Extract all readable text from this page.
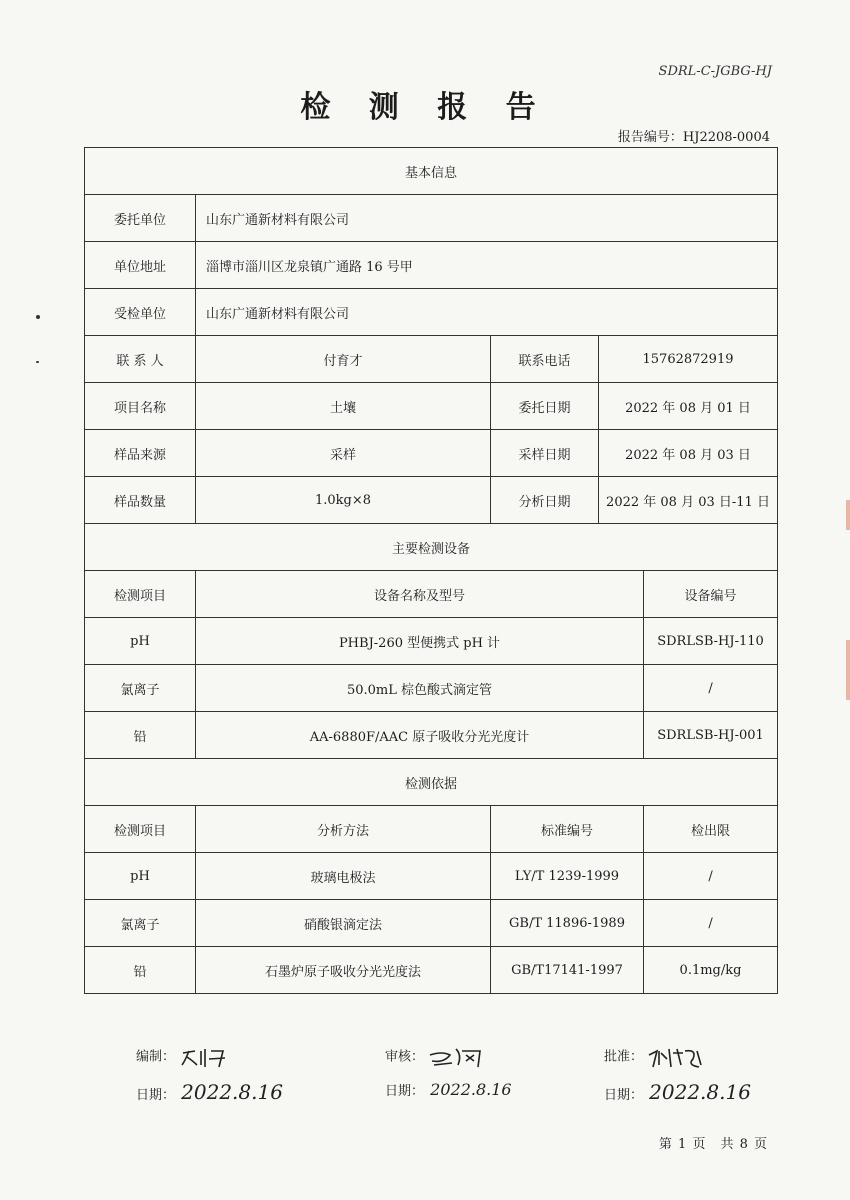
SDRL-C-JGBG-HJ
检 测 报 告
报告编号：HJ2208-0004
基本信息				
委托单位	山东广通新材料有限公司			
单位地址	淄博市淄川区龙泉镇广通路 16 号甲			
受检单位	山东广通新材料有限公司			
联 系 人	付育才	联系电话	15762872919	
项目名称	土壤	委托日期	2022 年 08 月 01 日	
样品来源	采样	采样日期	2022 年 08 月 03 日	
样品数量	1.0kg×8	分析日期	2022 年 08 月 03 日-11 日	
主要检测设备				
检测项目	设备名称及型号			设备编号
pH	PHBJ-260 型便携式 pH 计			SDRLSB-HJ-110
氯离子	50.0mL 棕色酸式滴定管			/
铅	AA-6880F/AAC 原子吸收分光光度计			SDRLSB-HJ-001
检测依据				
检测项目	分析方法	标准编号		检出限
pH	玻璃电极法	LY/T 1239-1999		/
氯离子	硝酸银滴定法	GB/T 11896-1989		/
铅	石墨炉原子吸收分光光度法	GB/T17141-1997		0.1mg/kg
编制：	审核：	批准：
日期： 2022.8.16	日期： 2022.8.16	日期： 2022.8.16
第 1 页　共 8 页
